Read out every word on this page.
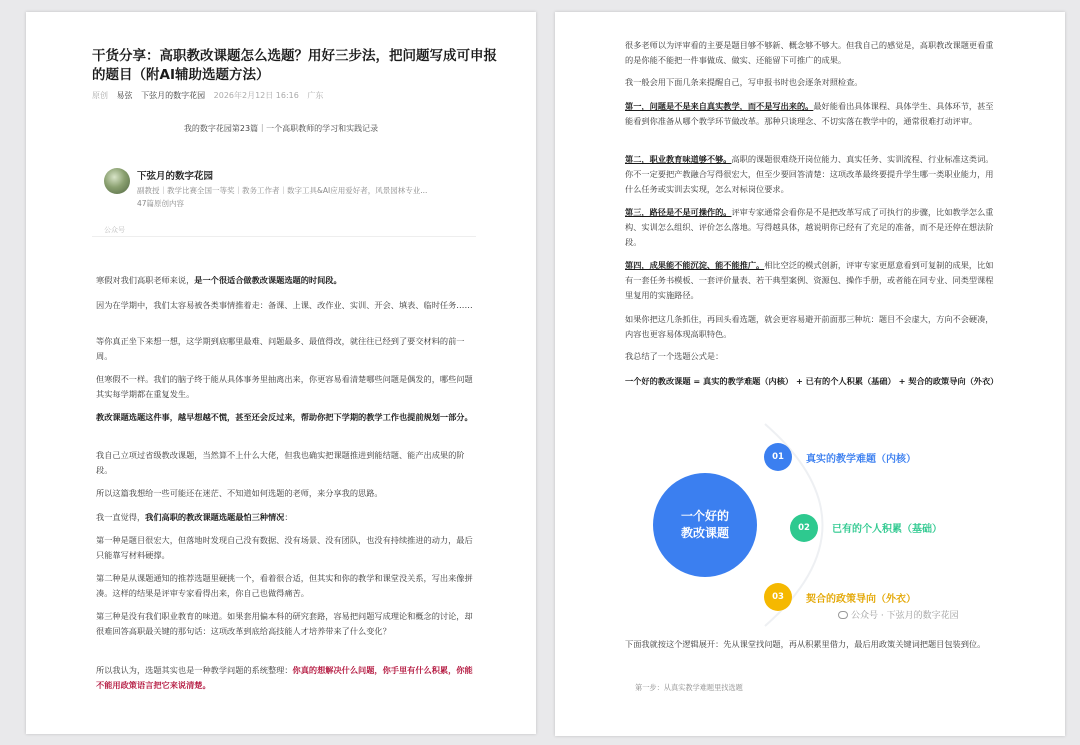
干货分享：高职教改课题怎么选题？用好三步法，把问题写成可申报的题目（附AI辅助选题方法）
原创 易弦 下弦月的数字花园 2026年2月12日 16:16 广东
我的数字花园第23篇｜一个高职教师的学习和实践记录
下弦月的数字花园
副教授｜教学比赛全国一等奖｜教务工作者｜数字工具&AI应用爱好者，风景园林专业...
47篇原创内容
公众号

寒假对我们高职老师来说，是一个很适合做教改课题选题的时间段。

因为在学期中，我们太容易被各类事情推着走：备课、上课、改作业、实训、开会、填表、临时任务……

等你真正坐下来想一想，这学期到底哪里最难、问题最多、最值得改，就往往已经到了要交材料的前一周。

但寒假不一样。我们的脑子终于能从具体事务里抽离出来，你更容易看清楚哪些问题是偶发的，哪些问题其实每学期都在重复发生。

教改课题选题这件事，越早想越不慌，甚至还会反过来，帮助你把下学期的教学工作也提前规划一部分。

我自己立项过省级教改课题，当然算不上什么大佬，但我也确实把课题推进到能结题、能产出成果的阶段。

所以这篇我想给一些可能还在迷茫、不知道如何选题的老师，来分享我的思路。

我一直觉得，我们高职的教改课题选题最怕三种情况：

第一种是题目很宏大，但落地时发现自己没有数据、没有场景、没有团队，也没有持续推进的动力，最后只能靠写材料硬撑。

第二种是从课题通知的推荐选题里硬挑一个，看着很合适，但其实和你的教学和课堂没关系，写出来像拼凑。这样的结果是评审专家看得出来，你自己也做得痛苦。

第三种是没有我们职业教育的味道。如果套用偏本科的研究套路，容易把问题写成理论和概念的讨论，却很难回答高职最关键的那句话：这项改革到底给高技能人才培养带来了什么变化？

所以我认为，选题其实也是一种教学问题的系统整理：你真的想解决什么问题，你手里有什么积累，你能不能用政策语言把它来说清楚。

很多老师以为评审看的主要是题目够不够新、概念够不够大。但我自己的感觉是，高职教改课题更看重的是你能不能把一件事做成、做实、还能留下可推广的成果。

我一般会用下面几条来提醒自己，写申报书时也会逐条对照检查。

第一，问题是不是来自真实教学，而不是写出来的。最好能看出具体课程、具体学生、具体环节，甚至能看到你准备从哪个教学环节做改革。那种只谈理念、不切实落在教学中的，通常很难打动评审。

第二，职业教育味道够不够。高职的课题很难绕开岗位能力、真实任务、实训流程、行业标准这类词。你不一定要把产教融合写得很宏大，但至少要回答清楚：这项改革最终要提升学生哪一类职业能力，用什么任务或实训去实现，怎么对标岗位要求。

第三，路径是不是可操作的。评审专家通常会看你是不是把改革写成了可执行的步骤，比如教学怎么重构、实训怎么组织、评价怎么落地。写得越具体，越说明你已经有了充足的准备，而不是还停在想法阶段。

第四，成果能不能沉淀、能不能推广。相比空泛的模式创新，评审专家更愿意看到可复制的成果，比如有一套任务书模板、一套评价量表、若干典型案例、资源包、操作手册，或者能在同专业、同类型课程里复用的实施路径。

如果你把这几条抓住，再回头看选题，就会更容易避开前面那三种坑：题目不会虚大，方向不会硬凑，内容也更容易体现高职特色。

我总结了一个选题公式是：

一个好的教改课题 = 真实的教学难题（内核） + 已有的个人积累（基础） + 契合的政策导向（外衣）

一个好的
教改课题
01	真实的教学难题（内核）
02	已有的个人积累（基础）
03	契合的政策导向（外衣）
公众号 · 下弦月的数字花园

下面我就按这个逻辑展开：先从课堂找问题，再从积累里借力，最后用政策关键词把题目包装到位。

第一步：从真实教学难题里找选题
